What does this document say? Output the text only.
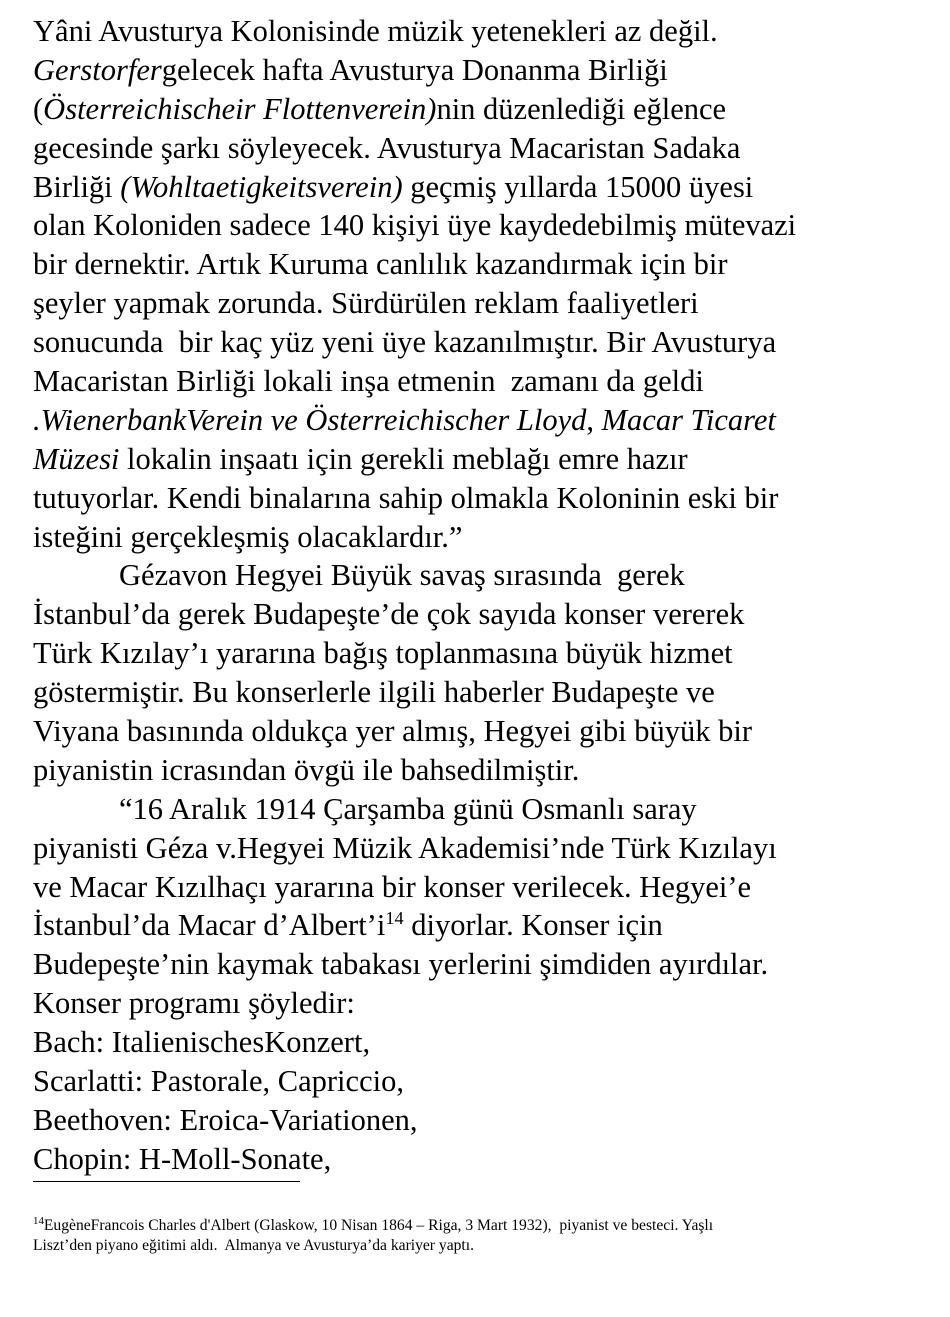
Yâni Avusturya Kolonisinde müzik yetenekleri az değil.
Gerstorfergelecek hafta Avusturya Donanma Birliği
(Österreichischeir Flottenverein)nin düzenlediği eğlence
gecesinde şarkı söyleyecek. Avusturya Macaristan Sadaka
Birliği (Wohltaetigkeitsverein) geçmiş yıllarda 15000 üyesi
olan Koloniden sadece 140 kişiyi üye kaydedebilmiş mütevazi
bir dernektir. Artık Kuruma canlılık kazandırmak için bir
şeyler yapmak zorunda. Sürdürülen reklam faaliyetleri
sonucunda  bir kaç yüz yeni üye kazanılmıştır. Bir Avusturya
Macaristan Birliği lokali inşa etmenin  zamanı da geldi
.WienerbankVerein ve Österreichischer Lloyd, Macar Ticaret
Müzesi lokalin inşaatı için gerekli meblağı emre hazır
tutuyorlar. Kendi binalarına sahip olmakla Koloninin eski bir
isteğini gerçekleşmiş olacaklardır.”
Gézavon Hegyei Büyük savaş sırasında  gerek
İstanbul’da gerek Budapeşte’de çok sayıda konser vererek
Türk Kızılay’ı yararına bağış toplanmasına büyük hizmet
göstermiştir. Bu konserlerle ilgili haberler Budapeşte ve
Viyana basınında oldukça yer almış, Hegyei gibi büyük bir
piyanistin icrasından övgü ile bahsedilmiştir.
“16 Aralık 1914 Çarşamba günü Osmanlı saray
piyanisti Géza v.Hegyei Müzik Akademisi’nde Türk Kızılayı
ve Macar Kızılhaçı yararına bir konser verilecek. Hegyei’e
İstanbul’da Macar $d’Albert’i^{14}$ diyorlar. Konser için
Budepeşte’nin kaymak tabakası yerlerini şimdiden ayırdılar.
Konser programı şöyledir:
Bach: ItalienischesKonzert,
Scarlatti: Pastorale, Capriccio,
Beethoven: Eroica-Variationen,
Chopin: H-Moll-Sonate,
$^{14}$EugèneFrancois Charles d'Albert (Glaskow, 10 Nisan 1864 – Riga, 3 Mart 1932),  piyanist ve besteci. Yaşlı
Liszt’den piyano eğitimi aldı.  Almanya ve Avusturya’da kariyer yaptı.
